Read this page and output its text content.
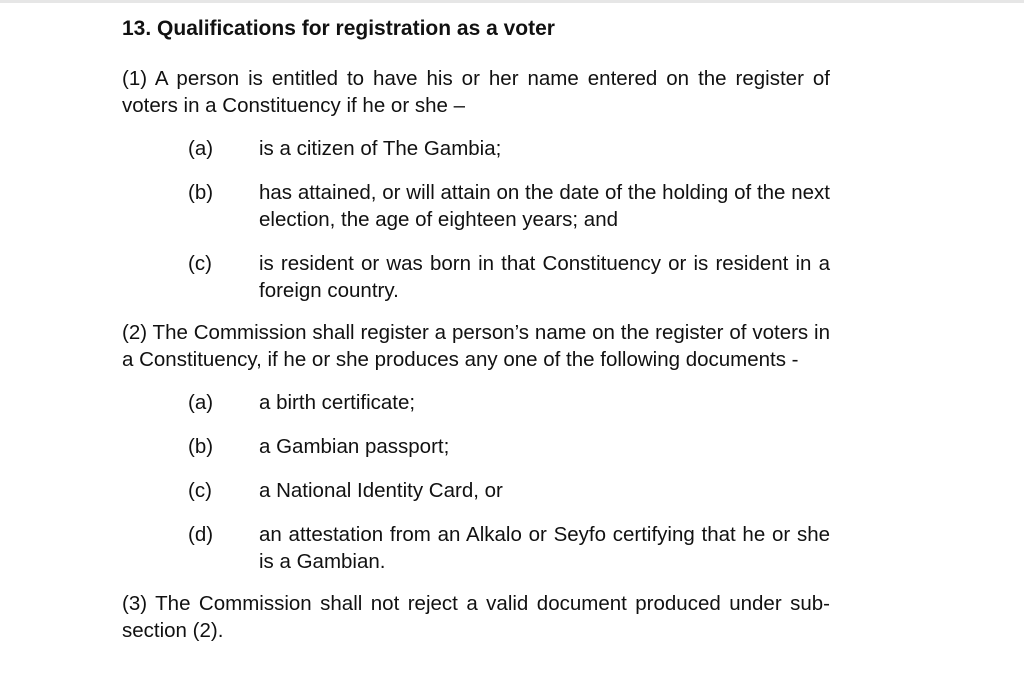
13. Qualifications for registration as a voter

(1) A person is entitled to have his or her name entered on the register of voters in a Constituency if he or she –

(a)	is a citizen of The Gambia;
(b)	has attained, or will attain on the date of the holding of the next election, the age of eighteen years; and
(c)	is resident or was born in that Constituency or is resident in a foreign country.

(2) The Commission shall register a person’s name on the register of voters in a Constituency, if he or she produces any one of the following documents -

(a)	a birth certificate;
(b)	a Gambian passport;
(c)	a National Identity Card, or
(d)	an attestation from an Alkalo or Seyfo certifying that he or she is a Gambian.

(3) The Commission shall not reject a valid document produced under sub-section (2).
